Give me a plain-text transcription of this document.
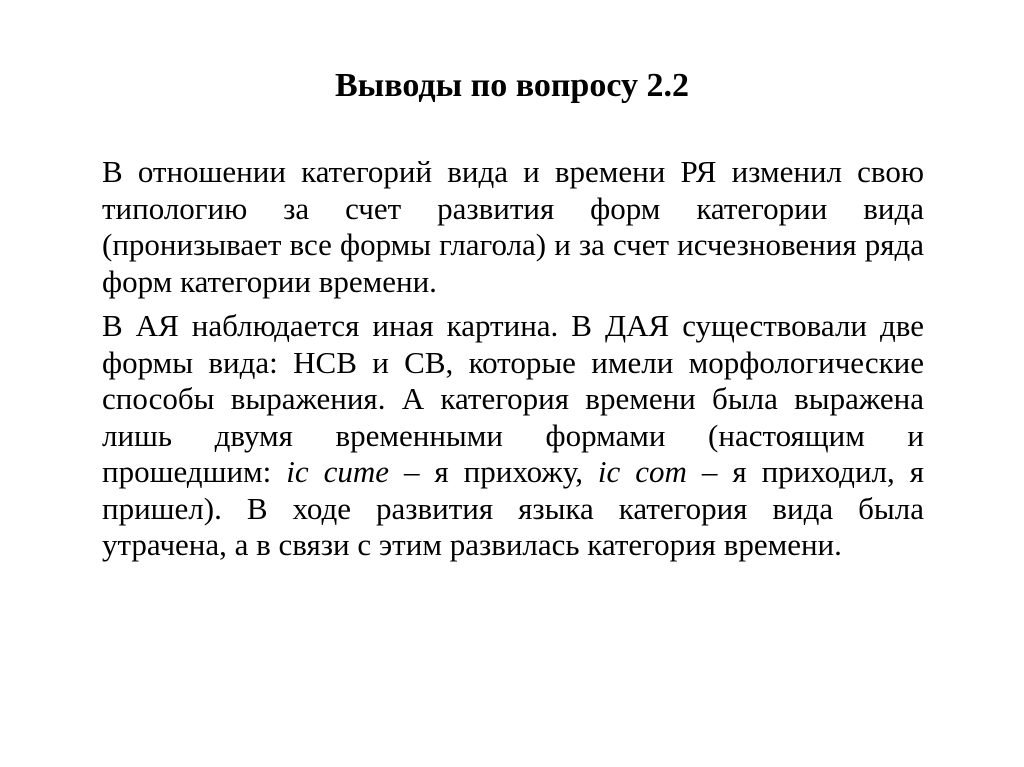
Выводы по вопросу 2.2

В отношении категорий вида и времени РЯ изменил свою типологию за счет развития форм категории вида (пронизывает все формы глагола) и за счет исчезновения ряда форм категории времени.

В АЯ наблюдается иная картина. В ДАЯ существовали две формы вида: НСВ и СВ, которые имели морфологические способы выражения. А категория времени была выражена лишь двумя временными формами (настоящим и прошедшим: ic cume – я прихожу, ic com – я приходил, я пришел). В ходе развития языка категория вида была утрачена, а в связи с этим развилась категория времени.
